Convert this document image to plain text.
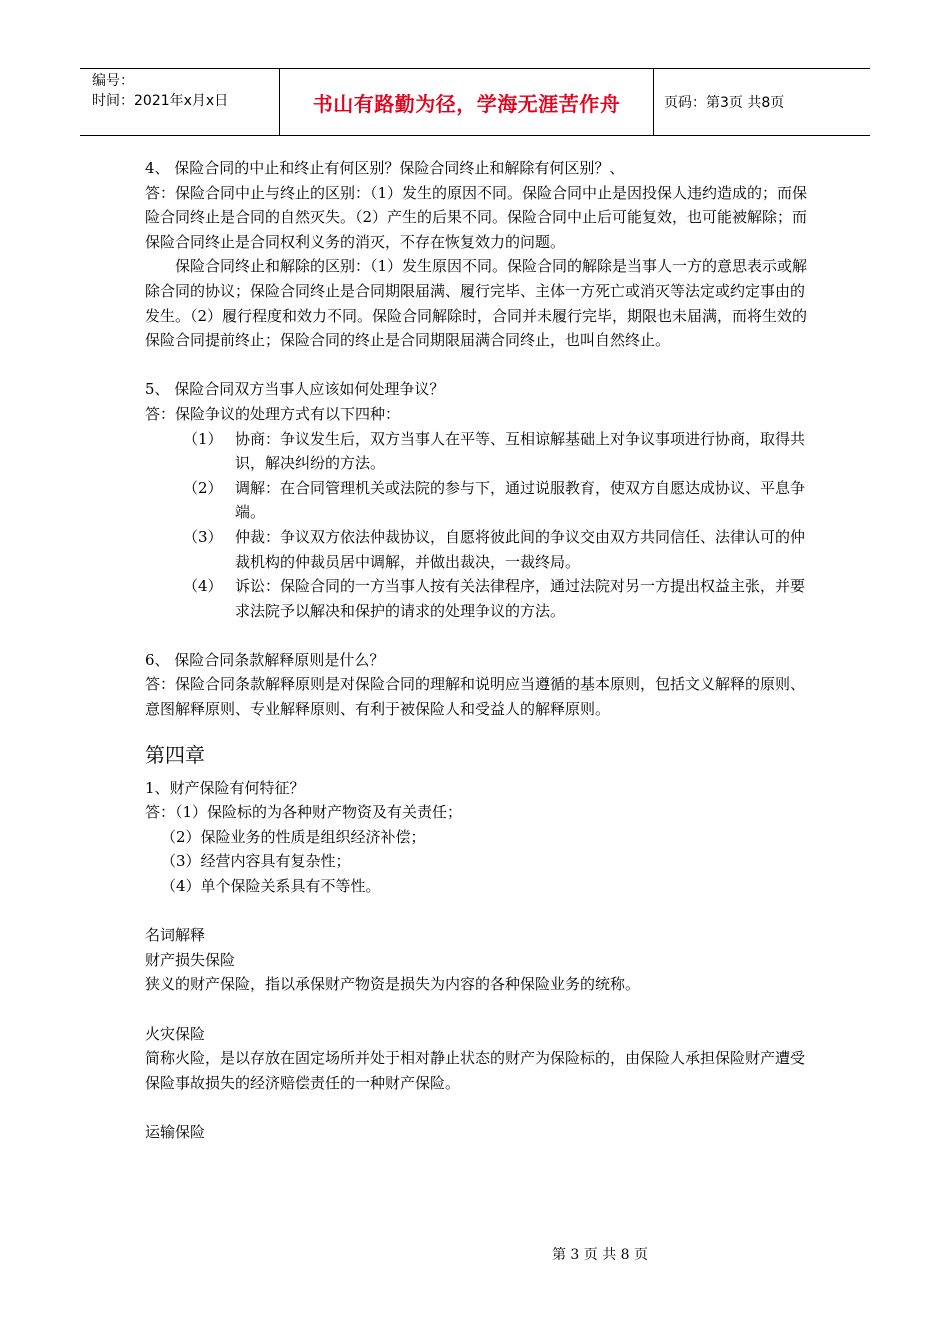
编号：
时间：2021年x月x日	书山有路勤为径，学海无涯苦作舟	页码：第3页 共8页

4、 保险合同的中止和终止有何区别？保险合同终止和解除有何区别？、

答：保险合同中止与终止的区别：（1）发生的原因不同。保险合同中止是因投保人违约造成的；而保险合同终止是合同的自然灭失。（2）产生的后果不同。保险合同中止后可能复效，也可能被解除；而保险合同终止是合同权利义务的消灭，不存在恢复效力的问题。

保险合同终止和解除的区别：（1）发生原因不同。保险合同的解除是当事人一方的意思表示或解除合同的协议；保险合同终止是合同期限届满、履行完毕、主体一方死亡或消灭等法定或约定事由的发生。（2）履行程度和效力不同。保险合同解除时，合同并未履行完毕，期限也未届满，而将生效的保险合同提前终止；保险合同的终止是合同期限届满合同终止，也叫自然终止。

5、 保险合同双方当事人应该如何处理争议？

答：保险争议的处理方式有以下四种：

（1） 协商：争议发生后，双方当事人在平等、互相谅解基础上对争议事项进行协商，取得共识，解决纠纷的方法。
（2） 调解：在合同管理机关或法院的参与下，通过说服教育，使双方自愿达成协议、平息争端。
（3） 仲裁：争议双方依法仲裁协议，自愿将彼此间的争议交由双方共同信任、法律认可的仲裁机构的仲裁员居中调解，并做出裁决，一裁终局。
（4） 诉讼：保险合同的一方当事人按有关法律程序，通过法院对另一方提出权益主张，并要求法院予以解决和保护的请求的处理争议的方法。

6、 保险合同条款解释原则是什么？

答：保险合同条款解释原则是对保险合同的理解和说明应当遵循的基本原则，包括文义解释的原则、意图解释原则、专业解释原则、有利于被保险人和受益人的解释原则。

第四章

1、财产保险有何特征？

答：（1）保险标的为各种财产物资及有关责任；

（2）保险业务的性质是组织经济补偿；

（3）经营内容具有复杂性；

（4）单个保险关系具有不等性。

名词解释

财产损失保险

狭义的财产保险，指以承保财产物资是损失为内容的各种保险业务的统称。

火灾保险

简称火险，是以存放在固定场所并处于相对静止状态的财产为保险标的，由保险人承担保险财产遭受保险事故损失的经济赔偿责任的一种财产保险。

运输保险

第 3 页 共 8 页
